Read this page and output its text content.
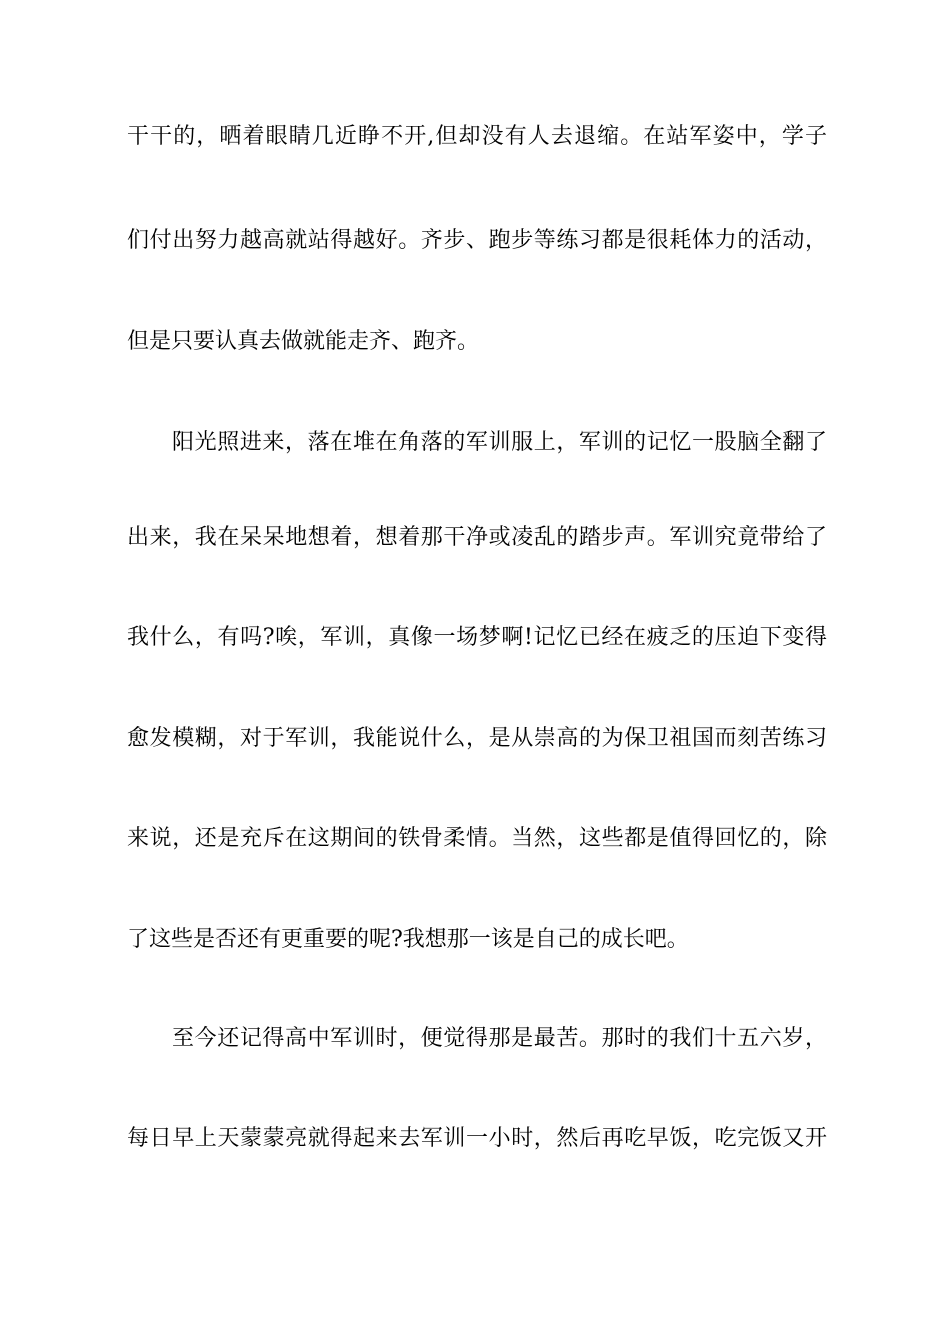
干干的，晒着眼睛几近睁不开,但却没有人去退缩。在站军姿中，学子
们付出努力越高就站得越好。齐步、跑步等练习都是很耗体力的活动，
但是只要认真去做就能走齐、跑齐。
阳光照进来，落在堆在角落的军训服上，军训的记忆一股脑全翻了
出来，我在呆呆地想着，想着那干净或凌乱的踏步声。军训究竟带给了
我什么，有吗?唉，军训，真像一场梦啊!记忆已经在疲乏的压迫下变得
愈发模糊，对于军训，我能说什么，是从崇高的为保卫祖国而刻苦练习
来说，还是充斥在这期间的铁骨柔情。当然，这些都是值得回忆的，除
了这些是否还有更重要的呢?我想那一该是自己的成长吧。
至今还记得高中军训时，便觉得那是最苦。那时的我们十五六岁，
每日早上天蒙蒙亮就得起来去军训一小时，然后再吃早饭，吃完饭又开
